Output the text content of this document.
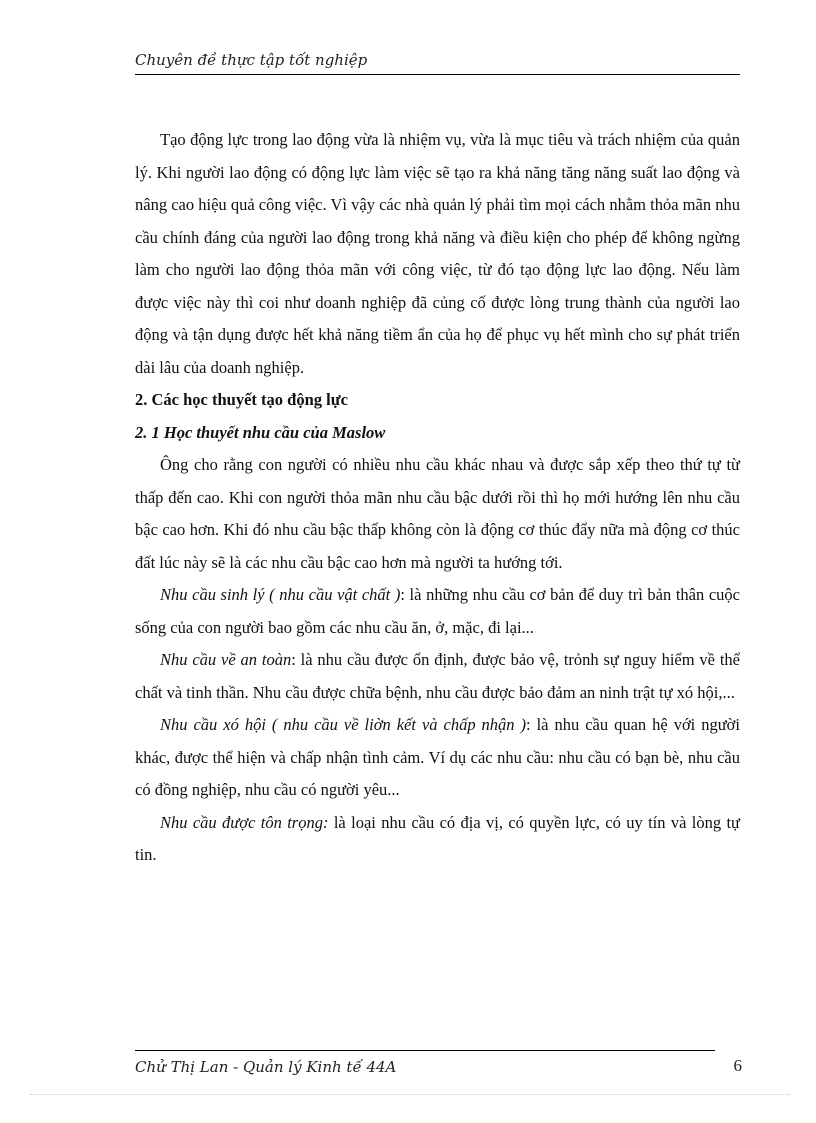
Chuyên đề thực tập tốt nghiệp

Tạo động lực trong lao động vừa là nhiệm vụ, vừa là mục tiêu và trách nhiệm của quản lý. Khi người lao động có động lực làm việc sẽ tạo ra khả năng tăng năng suất lao động và nâng cao hiệu quả công việc. Vì vậy các nhà quản lý phải tìm mọi cách nhằm thỏa mãn nhu cầu chính đáng của người lao động trong khả năng và điều kiện cho phép để không ngừng làm cho người lao động thỏa mãn với công việc, từ đó tạo động lực lao động. Nếu làm được việc này thì coi như doanh nghiệp đã củng cố được lòng trung thành của người lao động và tận dụng được hết khả năng tiềm ẩn của họ để phục vụ hết mình cho sự phát triển dài lâu của doanh nghiệp.

2. Các học thuyết tạo động lực

2. 1 Học thuyết nhu cầu của Maslow

Ông cho rằng con người có nhiều nhu cầu khác nhau và được sắp xếp theo thứ tự từ thấp đến cao. Khi con người thỏa mãn nhu cầu bậc dưới rồi thì họ mới hướng lên nhu cầu bậc cao hơn. Khi đó nhu cầu bậc thấp không còn là động cơ thúc đẩy nữa mà động cơ thúc đất lúc này sẽ là các nhu cầu bậc cao hơn mà người ta hướng tới.

Nhu cầu sinh lý ( nhu cầu vật chất ): là những nhu cầu cơ bản để duy trì bản thân cuộc sống của con người bao gồm các nhu cầu ăn, ở, mặc, đi lại...

Nhu cầu về an toàn: là nhu cầu được ổn định, được bảo vệ, trỏnh sự nguy hiểm về thể chất và tinh thần. Nhu cầu được chữa bệnh, nhu cầu được bảo đảm an ninh trật tự xó hội,...

Nhu cầu xó hội ( nhu cầu về liờn kết và chấp nhận ): là nhu cầu quan hệ với người khác, được thể hiện và chấp nhận tình cảm. Ví dụ các nhu cầu: nhu cầu có bạn bè, nhu cầu có đồng nghiệp, nhu cầu có người yêu...

Nhu cầu được tôn trọng: là loại nhu cầu có địa vị, có quyền lực, có uy tín và lòng tự tin.

Chử Thị Lan - Quản lý Kinh tế 44A	6
